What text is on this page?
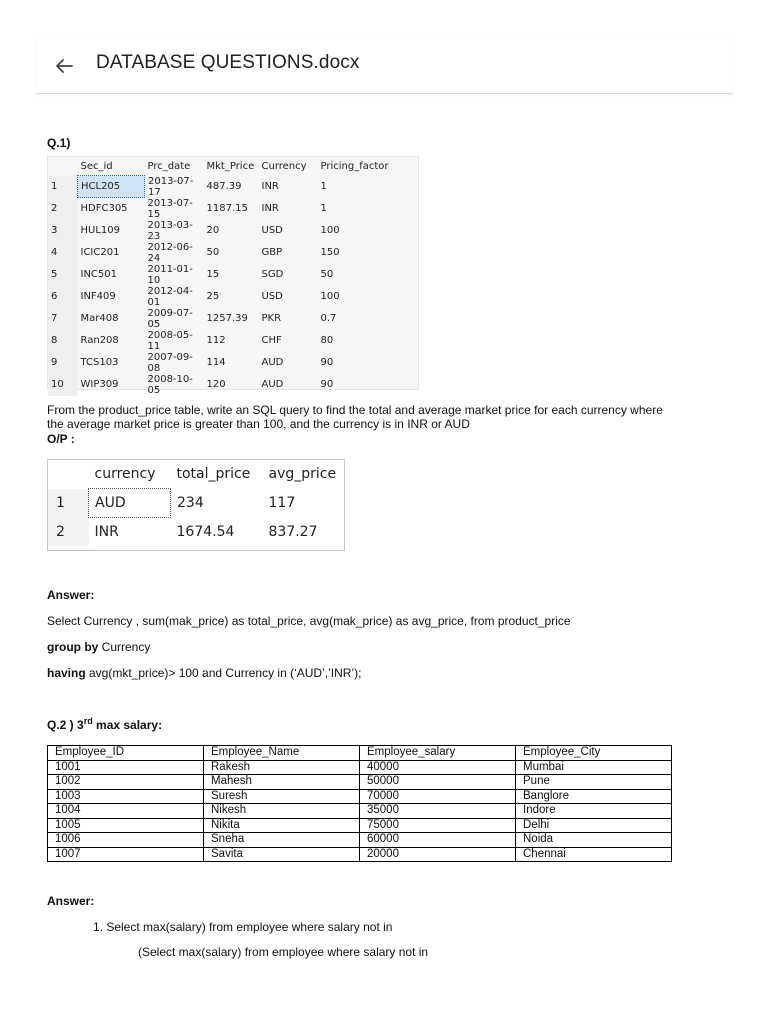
DATABASE QUESTIONS.docx
Q.1)
	Sec_id	Prc_date	Mkt_Price	Currency	Pricing_factor
1	HCL205	2013-07-17	487.39	INR	1
2	HDFC305	2013-07-15	1187.15	INR	1
3	HUL109	2013-03-23	20	USD	100
4	ICIC201	2012-06-24	50	GBP	150
5	INC501	2011-01-10	15	SGD	50
6	INF409	2012-04-01	25	USD	100
7	Mar408	2009-07-05	1257.39	PKR	0.7
8	Ran208	2008-05-11	112	CHF	80
9	TCS103	2007-09-08	114	AUD	90
10	WIP309	2008-10-05	120	AUD	90
From the product_price table, write an SQL query to find the total and average market price for each currency where
the average market price is greater than 100, and the currency is in INR or AUD
O/P :
	currency	total_price	avg_price
1	AUD	234	117
2	INR	1674.54	837.27
Answer:
Select Currency , sum(mak_price) as total_price, avg(mak_price) as avg_price, from product_price
group by Currency
having avg(mkt_price)> 100 and Currency in (‘AUD’,’INR’);
Q.2 ) 3rd max salary:
Employee_ID	Employee_Name	Employee_salary	Employee_City
1001	Rakesh	40000	Mumbai
1002	Mahesh	50000	Pune
1003	Suresh	70000	Banglore
1004	Nikesh	35000	Indore
1005	Nikita	75000	Delhi
1006	Sneha	60000	Noida
1007	Savita	20000	Chennai
Answer:
1. Select max(salary) from employee where salary not in
(Select max(salary) from employee where salary not in
